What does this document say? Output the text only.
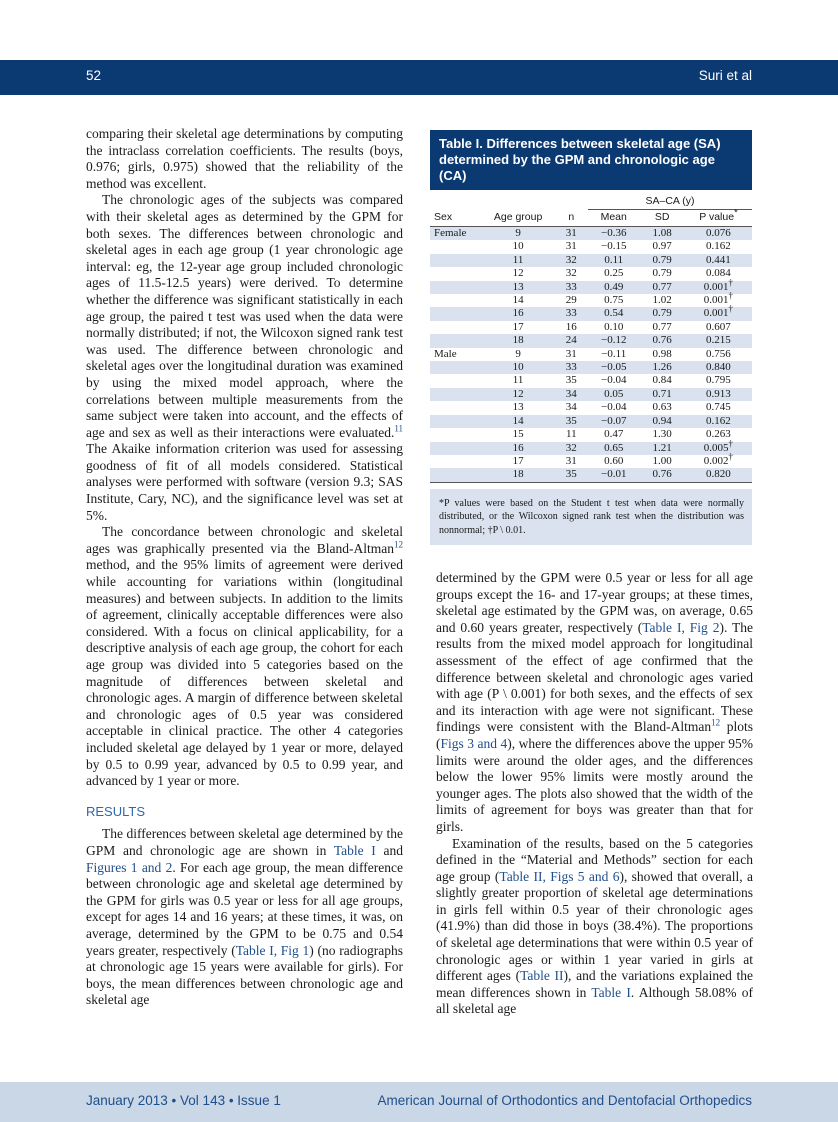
52	Suri et al

comparing their skeletal age determinations by computing the intraclass correlation coefficients. The results (boys, 0.976; girls, 0.975) showed that the reliability of the method was excellent.

The chronologic ages of the subjects was compared with their skeletal ages as determined by the GPM for both sexes. The differences between chronologic and skeletal ages in each age group (1 year chronologic age interval: eg, the 12-year age group included chronologic ages of 11.5-12.5 years) were derived. To determine whether the difference was significant statistically in each age group, the paired t test was used when the data were normally distributed; if not, the Wilcoxon signed rank test was used. The difference between chronologic and skeletal ages over the longitudinal duration was examined by using the mixed model approach, where the correlations between multiple measurements from the same subject were taken into account, and the effects of age and sex as well as their interactions were evaluated.$^{11}$ The Akaike information criterion was used for assessing goodness of fit of all models considered. Statistical analyses were performed with software (version 9.3; SAS Institute, Cary, NC), and the significance level was set at 5%.

The concordance between chronologic and skeletal ages was graphically presented via the Bland-Altman$^{12}$ method, and the 95% limits of agreement were derived while accounting for variations within (longitudinal measures) and between subjects. In addition to the limits of agreement, clinically acceptable differences were also considered. With a focus on clinical applicability, for a descriptive analysis of each age group, the cohort for each age group was divided into 5 categories based on the magnitude of differences between skeletal and chronologic ages. A margin of difference between skeletal and chronologic ages of 0.5 year was considered acceptable in clinical practice. The other 4 categories included skeletal age delayed by 1 year or more, delayed by 0.5 to 0.99 year, advanced by 0.5 to 0.99 year, and advanced by 1 year or more.

RESULTS

The differences between skeletal age determined by the GPM and chronologic age are shown in Table I and Figures 1 and 2. For each age group, the mean difference between chronologic age and skeletal age determined by the GPM for girls was 0.5 year or less for all age groups, except for ages 14 and 16 years; at these times, it was, on average, determined by the GPM to be 0.75 and 0.54 years greater, respectively (Table I, Fig 1) (no radiographs at chronologic age 15 years were available for girls). For boys, the mean differences between chronologic age and skeletal age

Table I. Differences between skeletal age (SA) determined by the GPM and chronologic age (CA)
			SA–CA (y)		
Sex	Age group	n	Mean	SD	P value*
Female	9	31	−0.36	1.08	0.076
	10	31	−0.15	0.97	0.162
	11	32	0.11	0.79	0.441
	12	32	0.25	0.79	0.084
	13	33	0.49	0.77	0.001†
	14	29	0.75	1.02	0.001†
	16	33	0.54	0.79	0.001†
	17	16	0.10	0.77	0.607
	18	24	−0.12	0.76	0.215
Male	9	31	−0.11	0.98	0.756
	10	33	−0.05	1.26	0.840
	11	35	−0.04	0.84	0.795
	12	34	0.05	0.71	0.913
	13	34	−0.04	0.63	0.745
	14	35	−0.07	0.94	0.162
	15	11	0.47	1.30	0.263
	16	32	0.65	1.21	0.005†
	17	31	0.60	1.00	0.002†
	18	35	−0.01	0.76	0.820
*P values were based on the Student t test when data were normally distributed, or the Wilcoxon signed rank test when the distribution was nonnormal; †P \ 0.01.

determined by the GPM were 0.5 year or less for all age groups except the 16- and 17-year groups; at these times, skeletal age estimated by the GPM was, on average, 0.65 and 0.60 years greater, respectively (Table I, Fig 2). The results from the mixed model approach for longitudinal assessment of the effect of age confirmed that the difference between skeletal and chronologic ages varied with age (P \ 0.001) for both sexes, and the effects of sex and its interaction with age were not significant. These findings were consistent with the Bland-Altman$^{12}$ plots (Figs 3 and 4), where the differences above the upper 95% limits were around the older ages, and the differences below the lower 95% limits were mostly around the younger ages. The plots also showed that the width of the limits of agreement for boys was greater than that for girls.

Examination of the results, based on the 5 categories defined in the “Material and Methods” section for each age group (Table II, Figs 5 and 6), showed that overall, a slightly greater proportion of skeletal age determinations in girls fell within 0.5 year of their chronologic ages (41.9%) than did those in boys (38.4%). The proportions of skeletal age determinations that were within 0.5 year of chronologic ages or within 1 year varied in girls at different ages (Table II), and the variations explained the mean differences shown in Table I. Although 58.08% of all skeletal age

January 2013 • Vol 143 • Issue 1	American Journal of Orthodontics and Dentofacial Orthopedics
